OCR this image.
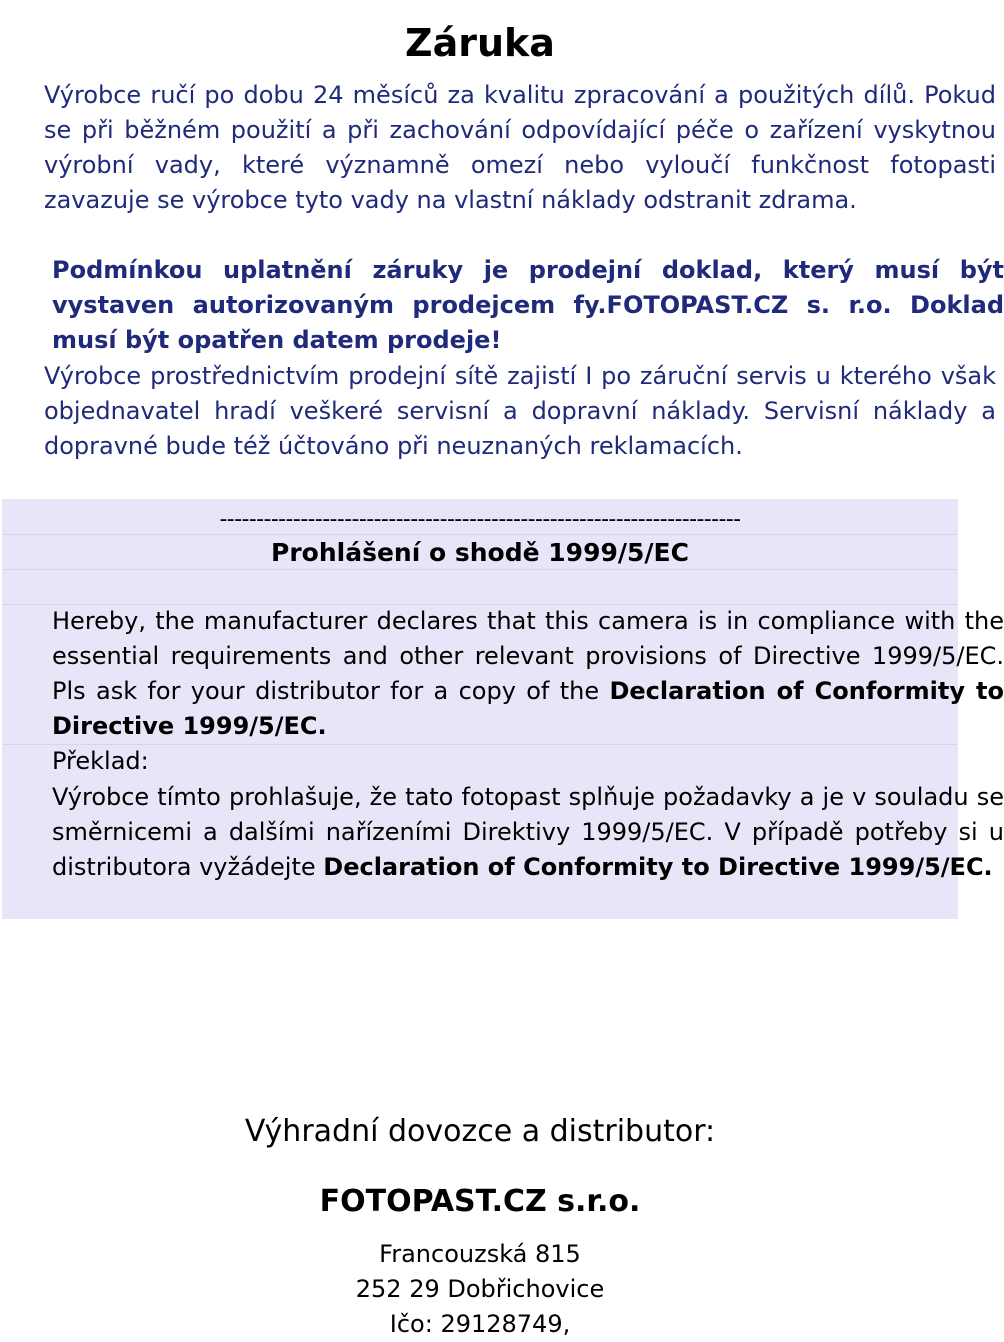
Záruka

Výrobce ručí po dobu 24 měsíců za kvalitu zpracování a použitých dílů. Pokud se při běžném použití a při zachování odpovídající péče o zařízení vyskytnou výrobní vady, které významně omezí nebo vyloučí funkčnost fotopasti zavazuje se výrobce tyto vady na vlastní náklady odstranit zdrama.

Podmínkou uplatnění záruky je prodejní doklad, který musí být vystaven autorizovaným prodejcem fy.FOTOPAST.CZ s. r.o. Doklad musí být opatřen datem prodeje!

Výrobce prostřednictvím prodejní sítě zajistí I po záruční servis u kterého však objednavatel hradí veškeré servisní a dopravní náklady. Servisní náklady a dopravné bude též účtováno při neuznaných reklamacích.

-----------------------------------------------------------------------
Prohlášení o shodě 1999/5/EC

Hereby, the manufacturer declares that this camera is in compliance with the essential requirements and other relevant provisions of Directive 1999/5/EC. Pls ask for your distributor for a copy of the Declaration of Conformity to Directive 1999/5/EC.

Překlad:

Výrobce tímto prohlašuje, že tato fotopast splňuje požadavky a je v souladu se směrnicemi a dalšími nařízeními Direktivy 1999/5/EC. V případě potřeby si u distributora vyžádejte Declaration of Conformity to Directive 1999/5/EC.

Výhradní dovozce a distributor:

FOTOPAST.CZ s.r.o.

Francouzská 815
252 29 Dobřichovice
Ičo: 29128749,
